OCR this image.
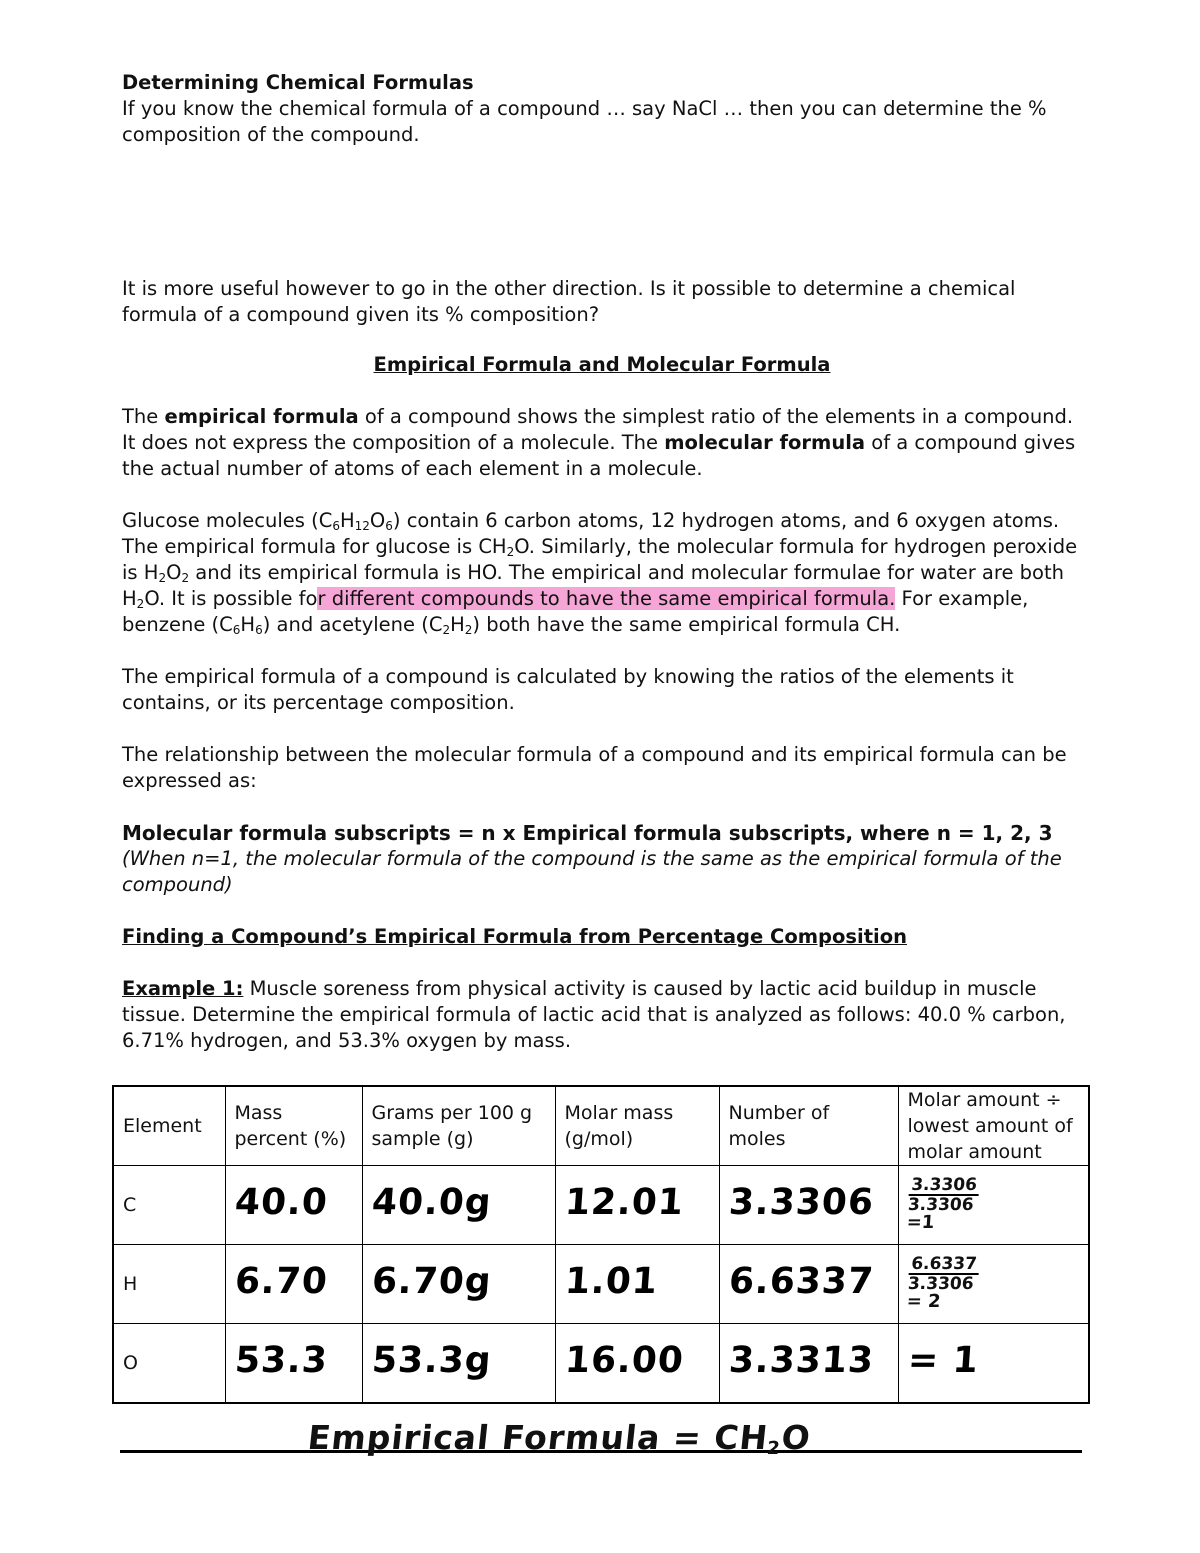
Determining Chemical Formulas

If you know the chemical formula of a compound … say NaCl … then you can determine the % composition of the compound.

It is more useful however to go in the other direction. Is it possible to determine a chemical formula of a compound given its % composition?

Empirical Formula and Molecular Formula

The empirical formula of a compound shows the simplest ratio of the elements in a compound. It does not express the composition of a molecule. The molecular formula of a compound gives the actual number of atoms of each element in a molecule.

Glucose molecules $(C_6H_{12}O_6)$ contain 6 carbon atoms, 12 hydrogen atoms, and 6 oxygen atoms. The empirical formula for glucose is $CH_2O$. Similarly, the molecular formula for hydrogen peroxide is $H_2O_2$ and its empirical formula is HO. The empirical and molecular formulae for water are both $H_2O$. It is possible for different compounds to have the same empirical formula. For example, benzene $(C_6H_6)$ and acetylene $(C_2H_2)$ both have the same empirical formula CH.

The empirical formula of a compound is calculated by knowing the ratios of the elements it contains, or its percentage composition.

The relationship between the molecular formula of a compound and its empirical formula can be expressed as:

Molecular formula subscripts = n x Empirical formula subscripts, where n = 1, 2, 3

(When n=1, the molecular formula of the compound is the same as the empirical formula of the compound)

Finding a Compound’s Empirical Formula from Percentage Composition

Example 1: Muscle soreness from physical activity is caused by lactic acid buildup in muscle tissue. Determine the empirical formula of lactic acid that is analyzed as follows: 40.0 % carbon, 6.71% hydrogen, and 53.3% oxygen by mass.

Element	Mass percent (%)	Grams per 100 g sample (g)	Molar mass (g/mol)	Number of moles	Molar amount ÷ lowest amount of molar amount
C	40.0	40.0g	12.01	3.3306	3.3306
3.3306
=1

H	6.70	6.70g	1.01	6.6337	6.6337
3.3306
= 2

O	53.3	53.3g	16.00	3.3313	= 1
Empirical Formula = $CH_2O$
